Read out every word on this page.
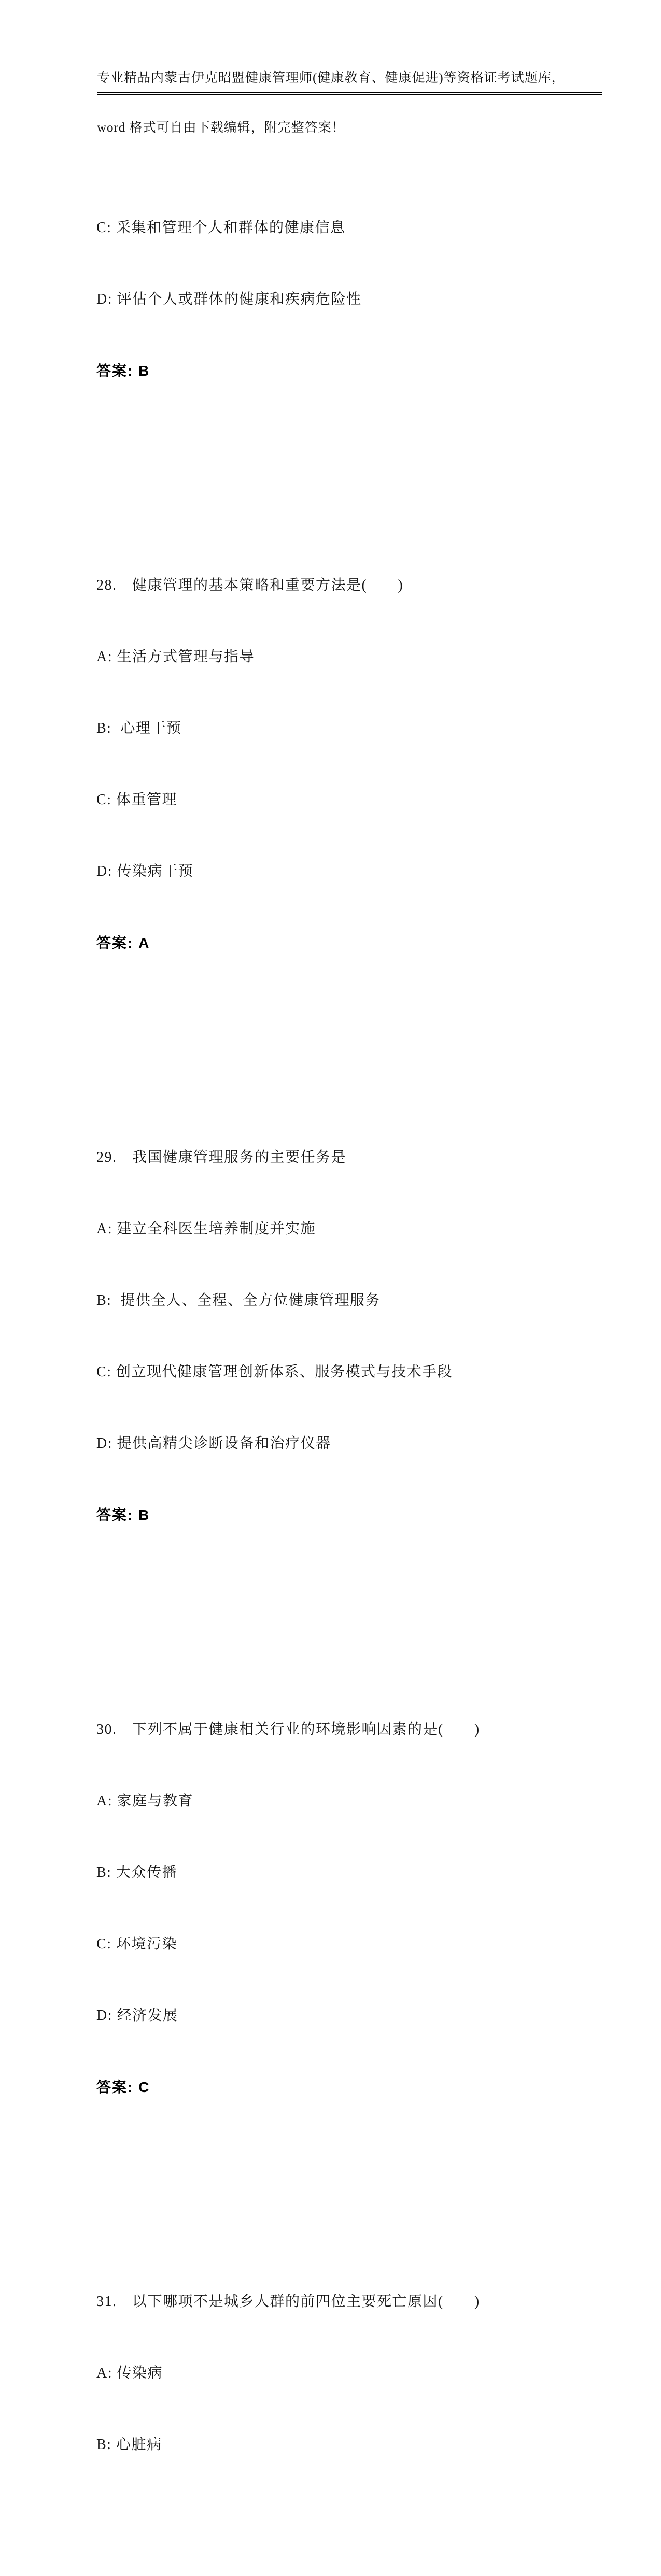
专业精品内蒙古伊克昭盟健康管理师(健康教育、健康促进)等资格证考试题库，

word 格式可自由下载编辑，附完整答案！

C: 采集和管理个人和群体的健康信息

D: 评估个人或群体的健康和疾病危险性

答案: B

28.　健康管理的基本策略和重要方法是(　　)

A: 生活方式管理与指导

B:  心理干预

C: 体重管理

D: 传染病干预

答案: A

29.　我国健康管理服务的主要任务是

A: 建立全科医生培养制度并实施

B:  提供全人、全程、全方位健康管理服务

C: 创立现代健康管理创新体系、服务模式与技术手段

D: 提供高精尖诊断设备和治疗仪器

答案: B

30.　下列不属于健康相关行业的环境影响因素的是(　　)

A: 家庭与教育

B: 大众传播

C: 环境污染

D: 经济发展

答案: C

31.　以下哪项不是城乡人群的前四位主要死亡原因(　　)

A: 传染病

B: 心脏病
